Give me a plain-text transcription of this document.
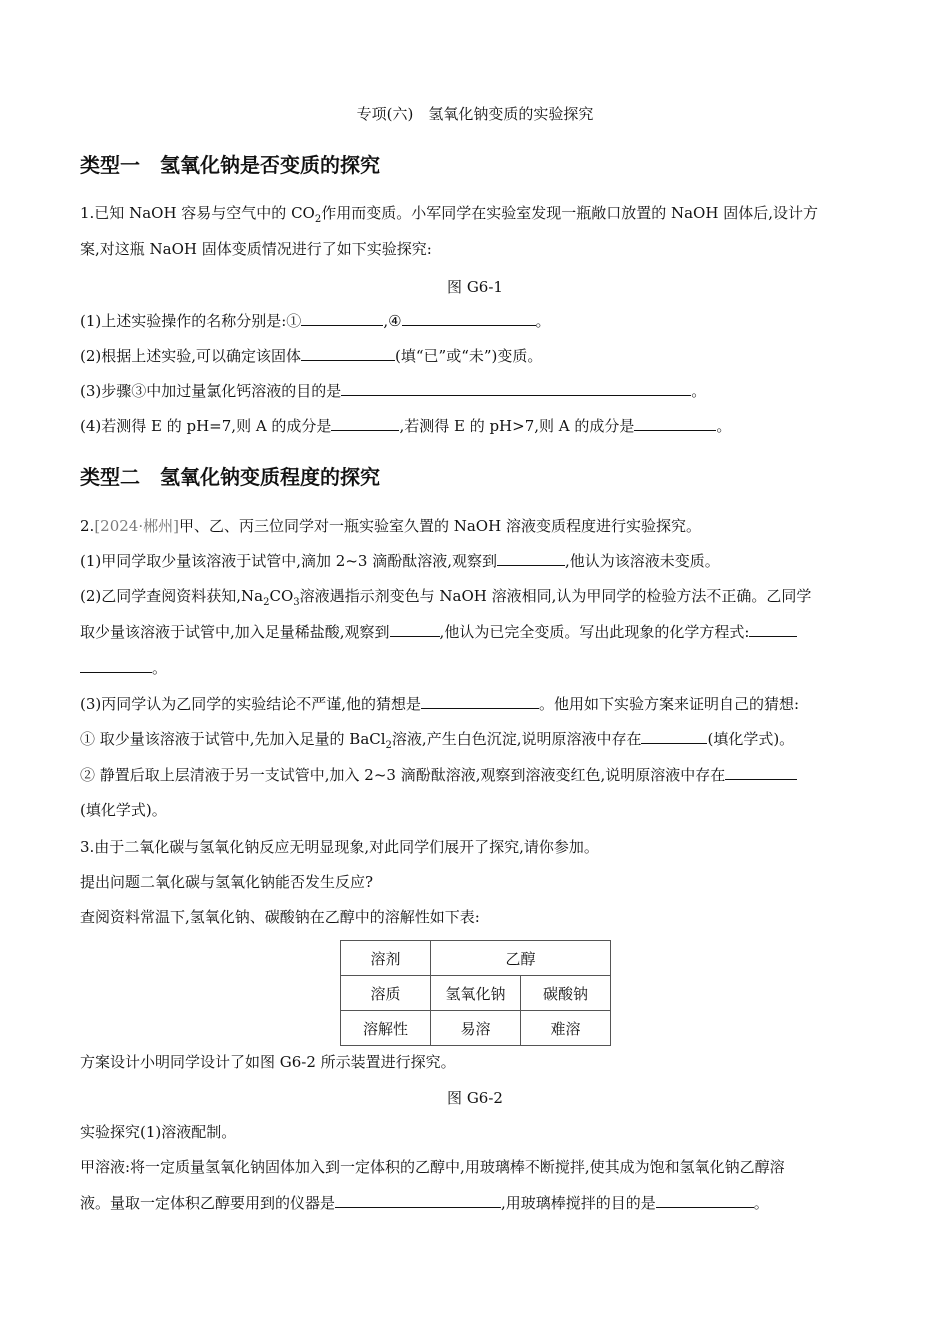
专项(六)　氢氧化钠变质的实验探究
类型一　氢氧化钠是否变质的探究
1.已知 NaOH 容易与空气中的 $CO_2$作用而变质。小军同学在实验室发现一瓶敞口放置的 NaOH 固体后,设计方
案,对这瓶 NaOH 固体变质情况进行了如下实验探究:
图 G6-1
(1)上述实验操作的名称分别是:①	,④	。
(2)根据上述实验,可以确定该固体	(填“已”或“未”)变质。
(3)步骤③中加过量氯化钙溶液的目的是	。
(4)若测得 E 的 pH=7,则 A 的成分是	,若测得 E 的 pH>7,则 A 的成分是	。
类型二　氢氧化钠变质程度的探究
2.[2024·郴州]甲、乙、丙三位同学对一瓶实验室久置的 NaOH 溶液变质程度进行实验探究。
(1)甲同学取少量该溶液于试管中,滴加 2~3 滴酚酞溶液,观察到	,他认为该溶液未变质。
(2)乙同学查阅资料获知$,Na_2CO_3$溶液遇指示剂变色与 NaOH 溶液相同,认为甲同学的检验方法不正确。乙同学
取少量该溶液于试管中,加入足量稀盐酸,观察到	,他认为已完全变质。写出此现象的化学方程式:
。
(3)丙同学认为乙同学的实验结论不严谨,他的猜想是	。他用如下实验方案来证明自己的猜想:
① 取少量该溶液于试管中,先加入足量的 BaCl$_2$溶液,产生白色沉淀,说明原溶液中存在	(填化学式)。
② 静置后取上层清液于另一支试管中,加入 2~3 滴酚酞溶液,观察到溶液变红色,说明原溶液中存在
(填化学式)。
3.由于二氧化碳与氢氧化钠反应无明显现象,对此同学们展开了探究,请你参加。
提出问题二氧化碳与氢氧化钠能否发生反应?
查阅资料常温下,氢氧化钠、碳酸钠在乙醇中的溶解性如下表:
溶剂	乙醇	
溶质	氢氧化钠	碳酸钠
溶解性	易溶	难溶
方案设计小明同学设计了如图 G6-2 所示装置进行探究。
图 G6-2
实验探究(1)溶液配制。
甲溶液:将一定质量氢氧化钠固体加入到一定体积的乙醇中,用玻璃棒不断搅拌,使其成为饱和氢氧化钠乙醇溶
液。量取一定体积乙醇要用到的仪器是	,用玻璃棒搅拌的目的是	。
